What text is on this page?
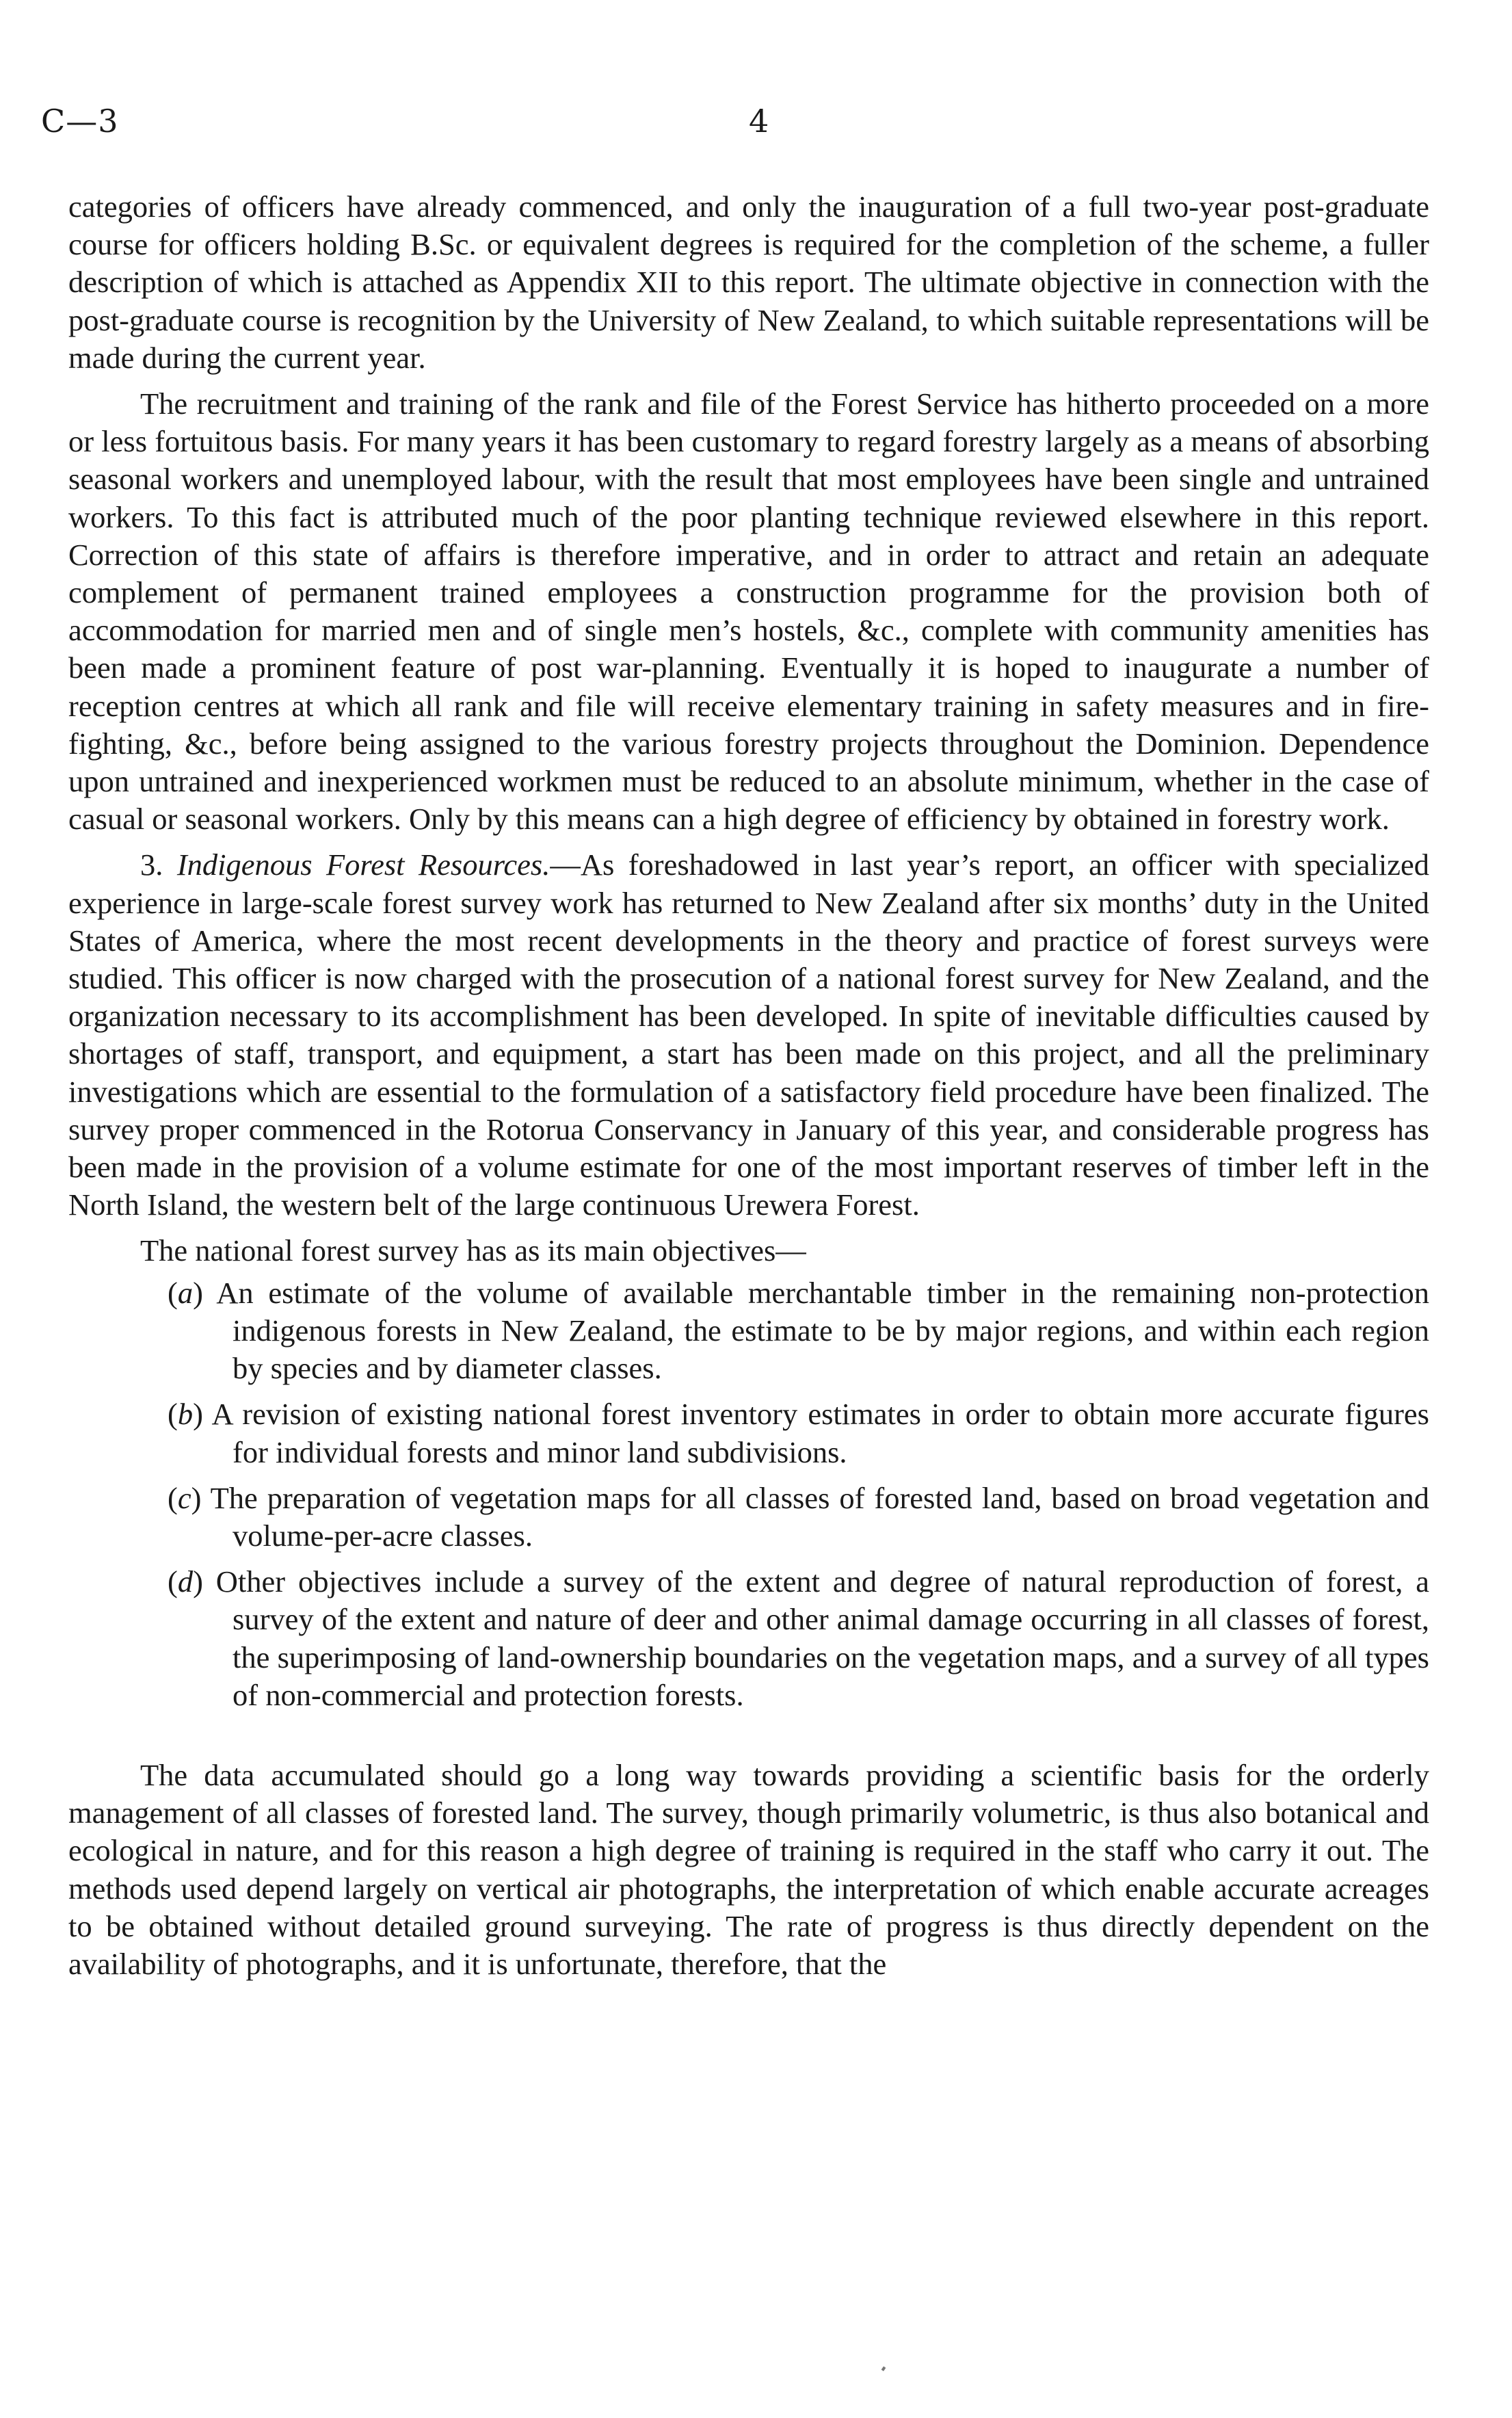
C—3	4

categories of officers have already commenced, and only the inauguration of a full two-year post-graduate course for officers holding B.Sc. or equivalent degrees is required for the completion of the scheme, a fuller description of which is attached as Appendix XII to this report. The ultimate objective in connection with the post-graduate course is recognition by the University of New Zealand, to which suitable representations will be made during the current year.

The recruitment and training of the rank and file of the Forest Service has hitherto proceeded on a more or less fortuitous basis. For many years it has been customary to regard forestry largely as a means of absorbing seasonal workers and unemployed labour, with the result that most employees have been single and untrained workers. To this fact is attributed much of the poor planting technique reviewed elsewhere in this report. Correction of this state of affairs is therefore imperative, and in order to attract and retain an adequate complement of permanent trained employees a construction programme for the provision both of accommodation for married men and of single men’s hostels, &c., complete with community amenities has been made a prominent feature of post war-planning. Eventually it is hoped to inaugurate a number of reception centres at which all rank and file will receive elementary training in safety measures and in fire-fighting, &c., before being assigned to the various forestry projects throughout the Dominion. Dependence upon untrained and inexperienced workmen must be reduced to an absolute minimum, whether in the case of casual or seasonal workers. Only by this means can a high degree of efficiency by obtained in forestry work.

3. Indigenous Forest Resources.—As foreshadowed in last year’s report, an officer with specialized experience in large-scale forest survey work has returned to New Zealand after six months’ duty in the United States of America, where the most recent developments in the theory and practice of forest surveys were studied. This officer is now charged with the prosecution of a national forest survey for New Zealand, and the organization necessary to its accomplishment has been developed. In spite of inevitable difficulties caused by shortages of staff, transport, and equipment, a start has been made on this project, and all the preliminary investigations which are essential to the formulation of a satisfactory field procedure have been finalized. The survey proper commenced in the Rotorua Conservancy in January of this year, and considerable progress has been made in the provision of a volume estimate for one of the most important reserves of timber left in the North Island, the western belt of the large continuous Urewera Forest.

The national forest survey has as its main objectives—

(a) An estimate of the volume of available merchantable timber in the remaining non-protection indigenous forests in New Zealand, the estimate to be by major regions, and within each region by species and by diameter classes.
(b) A revision of existing national forest inventory estimates in order to obtain more accurate figures for individual forests and minor land subdivisions.
(c) The preparation of vegetation maps for all classes of forested land, based on broad vegetation and volume-per-acre classes.
(d) Other objectives include a survey of the extent and degree of natural reproduction of forest, a survey of the extent and nature of deer and other animal damage occurring in all classes of forest, the superimposing of land-ownership boundaries on the vegetation maps, and a survey of all types of non-commercial and protection forests.

The data accumulated should go a long way towards providing a scientific basis for the orderly management of all classes of forested land. The survey, though primarily volumetric, is thus also botanical and ecological in nature, and for this reason a high degree of training is required in the staff who carry it out. The methods used depend largely on vertical air photographs, the interpretation of which enable accurate acreages to be obtained without detailed ground surveying. The rate of progress is thus directly dependent on the availability of photographs, and it is unfortunate, therefore, that the
